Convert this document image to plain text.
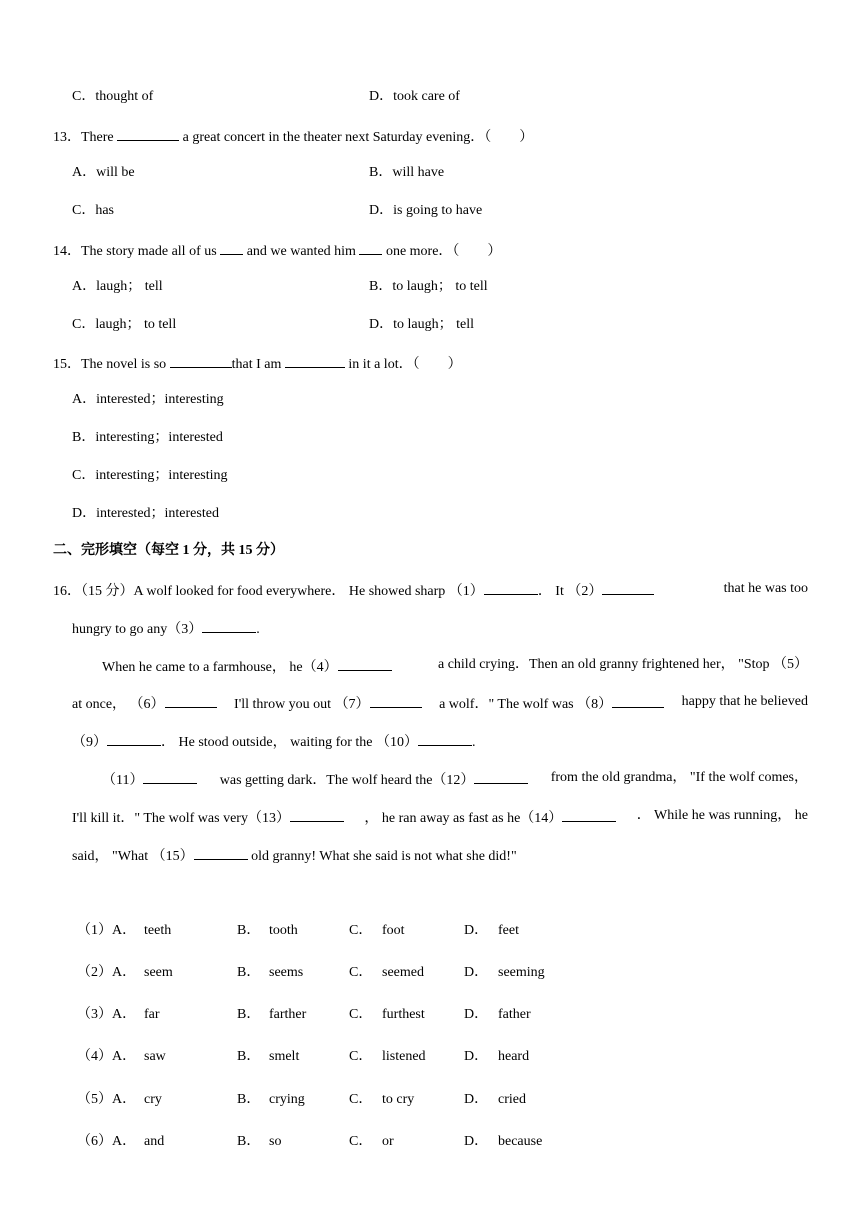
C．thought of	D．took care of
13．There	a great concert in the theater next Saturday evening．（　　）
A．will be	B．will have
C．has	D．is going to have
14．The story made all of us  and we wanted him  one more．（　　）
A．laugh； tell	B．to laugh； to tell
C．laugh； to tell	D．to laugh； tell
15．The novel is so	that I am	in it a lot．（　　）
A．interested；interesting
B．interesting；interested
C．interesting；interesting
D．interested；interested
二、完形填空（每空 1 分，共 15 分）
16．（15 分）A wolf looked for food everywhere． He showed sharp （1）	． It （2）	that he was too
hungry to go any（3）	.
When he came to a farmhouse， he（4）	a child crying．Then an old granny frightened her， "Stop （5）
at once， （6）	I'll throw you out （7）	a wolf．" The wolf was （8）	happy that he believed
（9）	． He stood outside， waiting for the （10）	.
（11）	was getting dark．The wolf heard the（12）	from the old grandma， "If the wolf comes，
I'll kill it．" The wolf was very（13）	， he ran away as fast as he（14）	． While he was running， he
said， "What （15）	old granny! What she said is not what she did!"
（1）A． teeth	B． tooth	C． foot	D． feet
（2）A． seem	B． seems	C． seemed	D． seeming
（3）A． far	B． farther	C． furthest	D． father
（4）A． saw	B． smelt	C． listened	D． heard
（5）A． cry	B． crying	C． to cry	D． cried
（6）A． and	B． so	C． or	D． because
